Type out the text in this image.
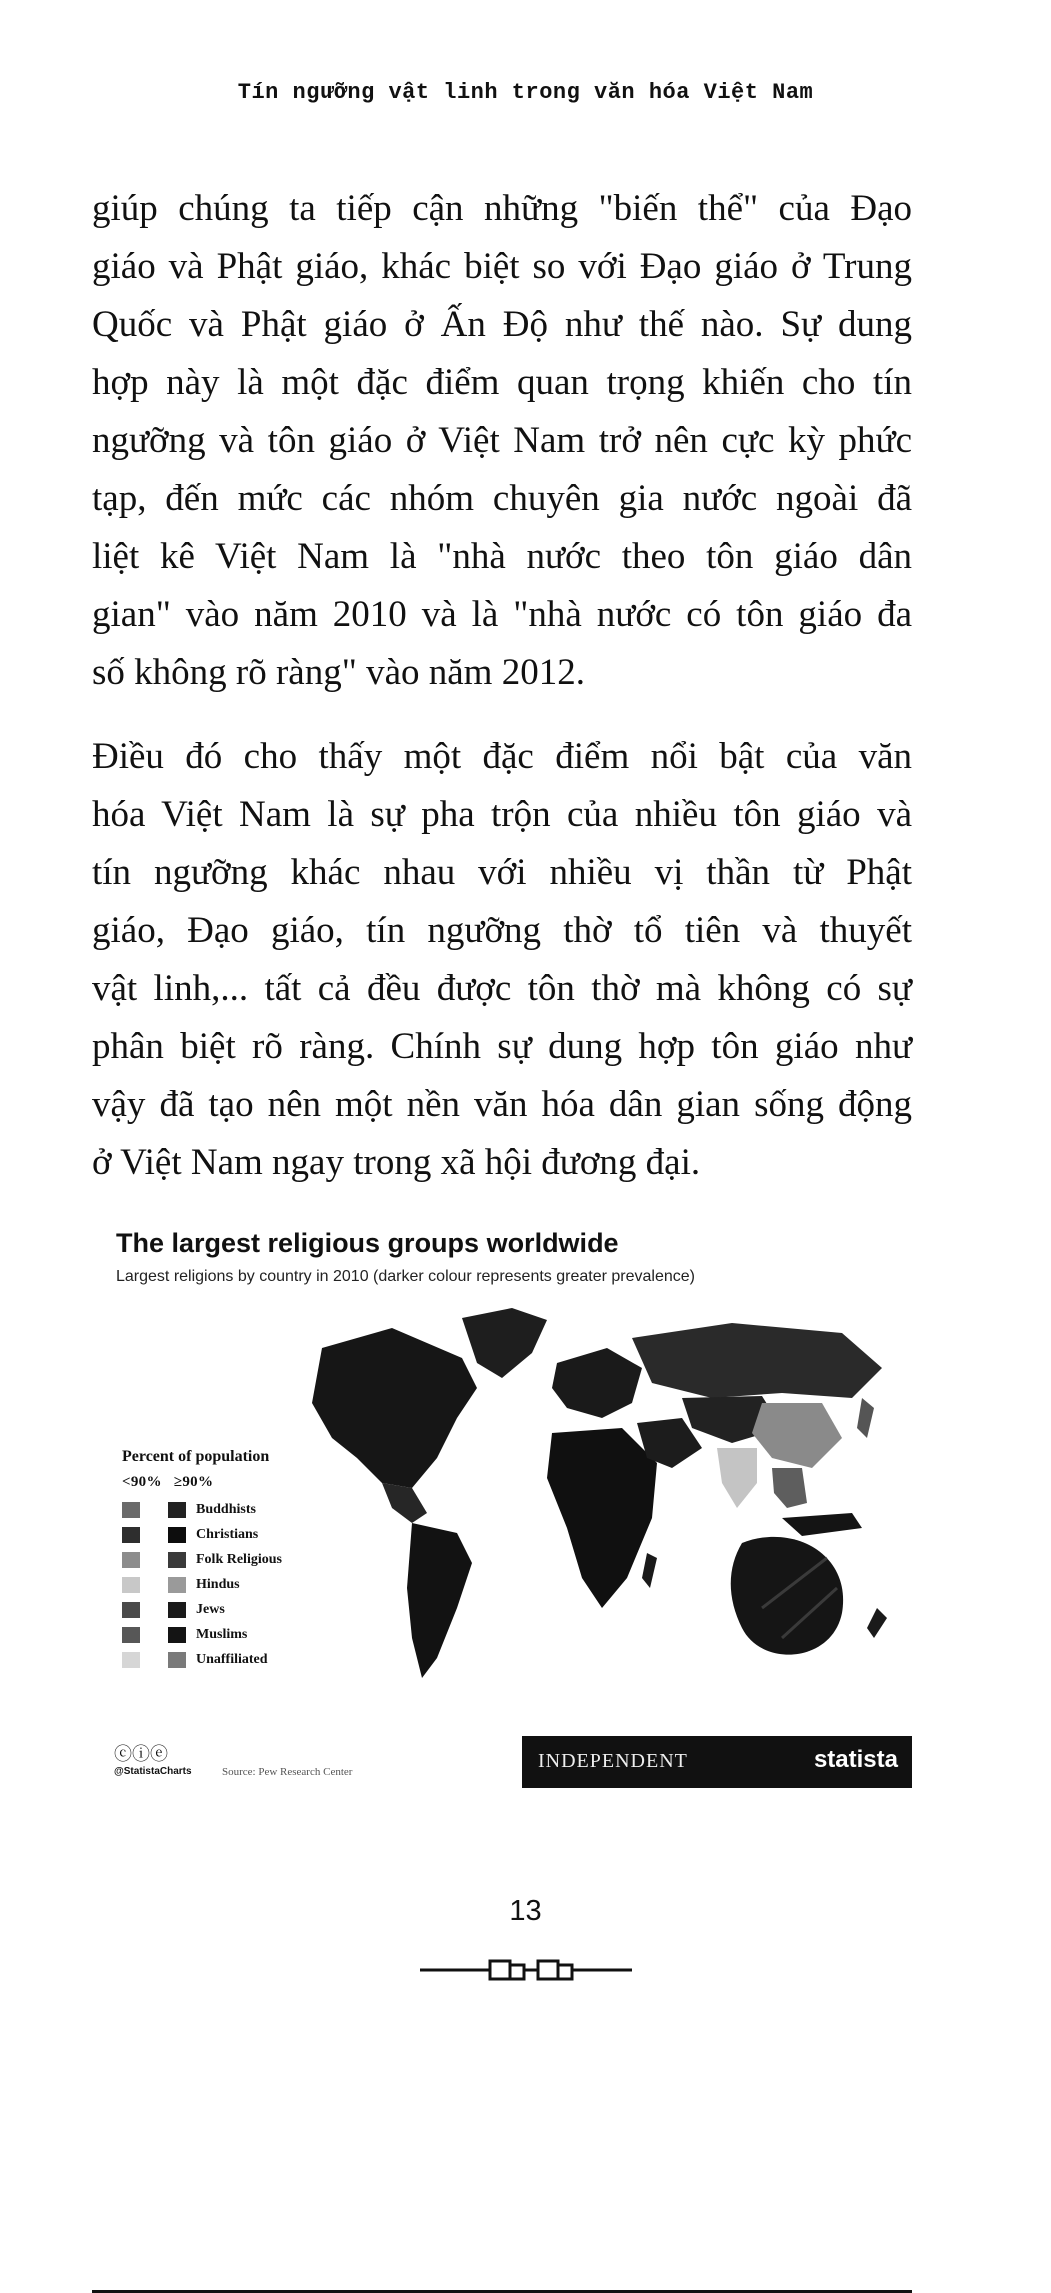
Tín ngưỡng vật linh trong văn hóa Việt Nam
giúp chúng ta tiếp cận những "biến thể" của Đạo
giáo và Phật giáo, khác biệt so với Đạo giáo ở Trung
Quốc và Phật giáo ở Ấn Độ như thế nào. Sự dung
hợp này là một đặc điểm quan trọng khiến cho tín
ngưỡng và tôn giáo ở Việt Nam trở nên cực kỳ phức
tạp, đến mức các nhóm chuyên gia nước ngoài đã
liệt kê Việt Nam là "nhà nước theo tôn giáo dân
gian" vào năm 2010 và là "nhà nước có tôn giáo đa
số không rõ ràng" vào năm 2012.
Điều đó cho thấy một đặc điểm nổi bật của văn
hóa Việt Nam là sự pha trộn của nhiều tôn giáo và
tín ngưỡng khác nhau với nhiều vị thần từ Phật
giáo, Đạo giáo, tín ngưỡng thờ tổ tiên và thuyết
vật linh,... tất cả đều được tôn thờ mà không có sự
phân biệt rõ ràng. Chính sự dung hợp tôn giáo như
vậy đã tạo nên một nền văn hóa dân gian sống động
ở Việt Nam ngay trong xã hội đương đại.
The largest religious groups worldwide
Largest religions by country in 2010 (darker colour represents greater prevalence)
Percent of population
<90% ≥90%
Buddhists
Christians
Folk Religious
Hindus
Jews
Muslims
Unaffiliated
ⓒⓘⓔ
@StatistaCharts	Source: Pew Research Center	INDEPENDENT	statista
13
